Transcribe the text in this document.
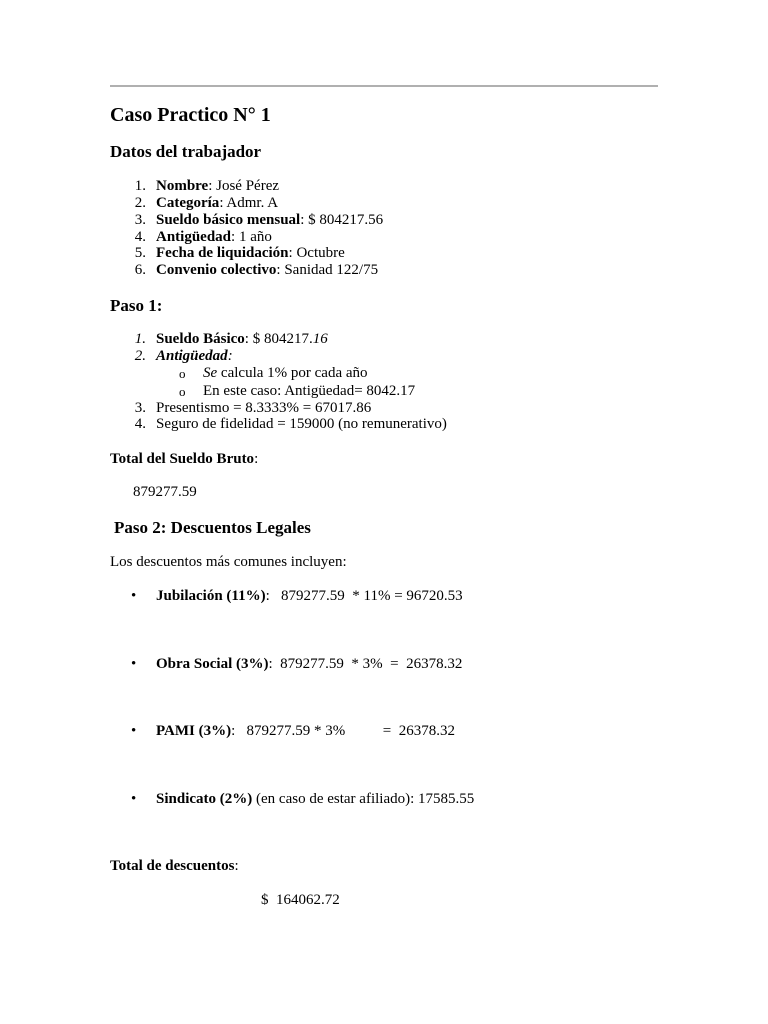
Caso Practico N° 1
Datos del trabajador
1. Nombre: José Pérez
2. Categoría: Admr. A
3. Sueldo básico mensual: $ 804217.56
4. Antigüedad: 1 año
5. Fecha de liquidación: Octubre
6. Convenio colectivo: Sanidad 122/75
Paso 1:
1. Sueldo Básico: $ 804217.16
2. Antigüedad:
o Se calcula 1% por cada año
o En este caso: Antigüedad= 8042.17
3. Presentismo = 8.3333% = 67017.86
4. Seguro de fidelidad = 159000 (no remunerativo)
Total del Sueldo Bruto:
879277.59
Paso 2: Descuentos Legales
Los descuentos más comunes incluyen:
• Jubilación (11%):   879277.59  * 11% = 96720.53
• Obra Social (3%):  879277.59  * 3%  =  26378.32
• PAMI (3%):   879277.59 * 3%          =  26378.32
• Sindicato (2%) (en caso de estar afiliado): 17585.55
Total de descuentos:
$  164062.72
